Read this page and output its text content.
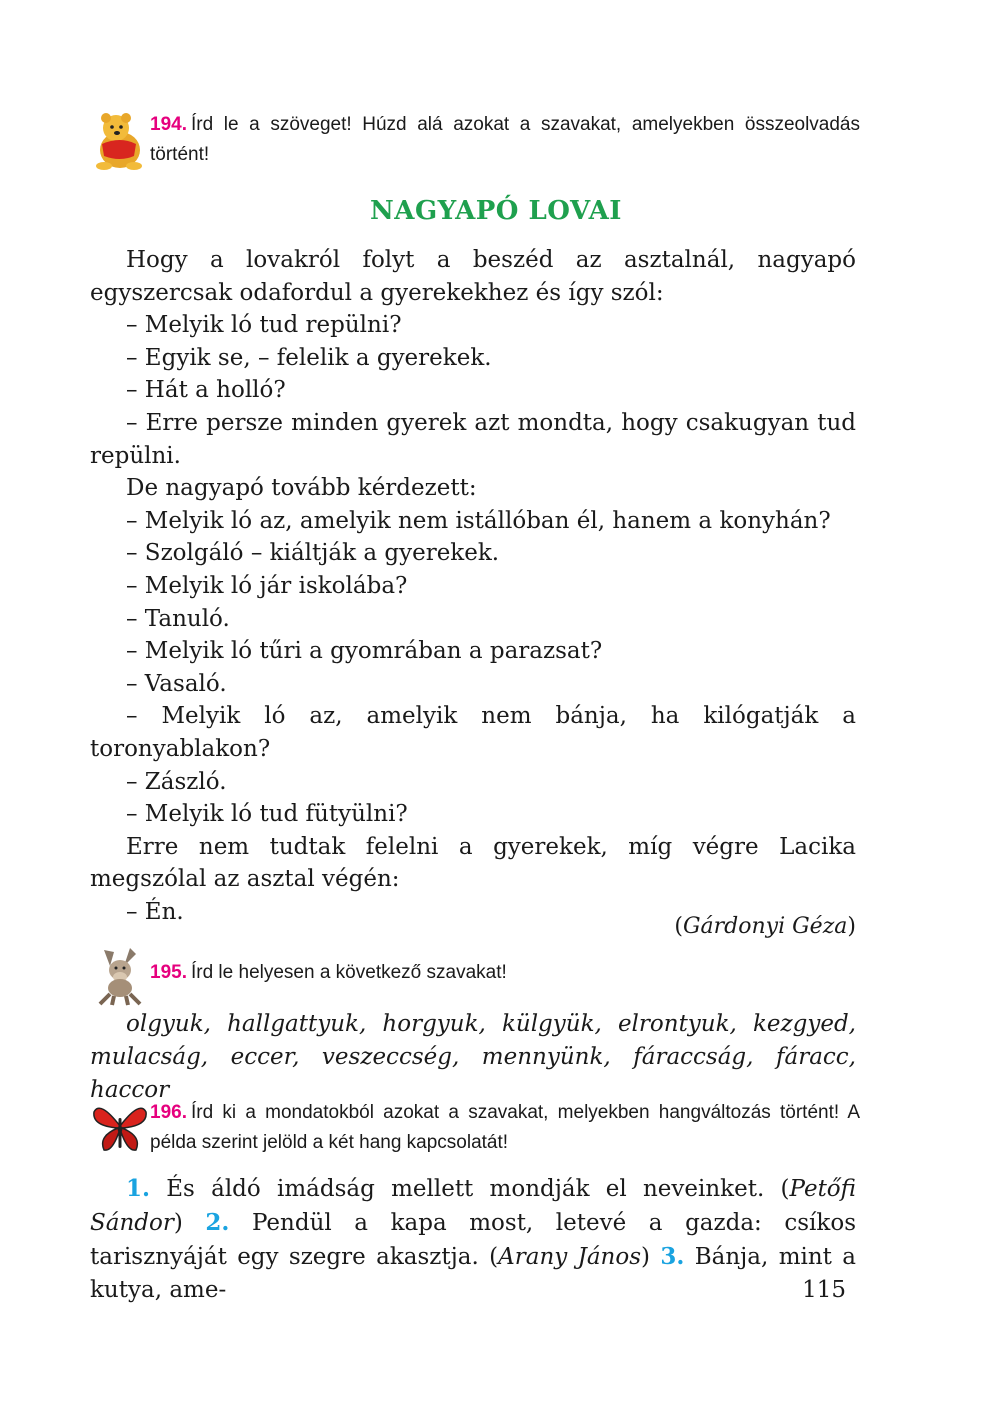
194. Írd le a szöveget! Húzd alá azokat a szavakat, amelyekben összeolvadás történt!
NAGYAPÓ LOVAI

Hogy a lovakról folyt a beszéd az asztalnál, nagyapó egyszercsak odafordul a gyerekekhez és így szól:

– Melyik ló tud repülni?

– Egyik se, – felelik a gyerekek.

– Hát a holló?

– Erre persze minden gyerek azt mondta, hogy csakugyan tud repülni.

De nagyapó tovább kérdezett:

– Melyik ló az, amelyik nem istállóban él, hanem a konyhán?

– Szolgáló – kiáltják a gyerekek.

– Melyik ló jár iskolába?

– Tanuló.

– Melyik ló tűri a gyomrában a parazsat?

– Vasaló.

– Melyik ló az, amelyik nem bánja, ha kilógatják a toronyablakon?

– Zászló.

– Melyik ló tud fütyülni?

Erre nem tudtak felelni a gyerekek, míg végre Lacika megszólal az asztal végén:

– Én.

(Gárdonyi Géza)
195. Írd le helyesen a következő szavakat!
olgyuk, hallgattyuk, horgyuk, külgyük, elrontyuk, kezgyed, mulacság, eccer, veszeccség, mennyünk, fáraccság, fáracc, haccor
196. Írd ki a mondatokból azokat a szavakat, melyekben hangváltozás történt! A példa szerint jelöld a két hang kapcsolatát!
1. És áldó imádság mellett mondják el neveinket. (Petőfi Sándor) 2. Pendül a kapa most, letevé a gazda: csíkos tarisznyáját egy szegre akasztja. (Arany János) 3. Bánja, mint a kutya, ame-	115
